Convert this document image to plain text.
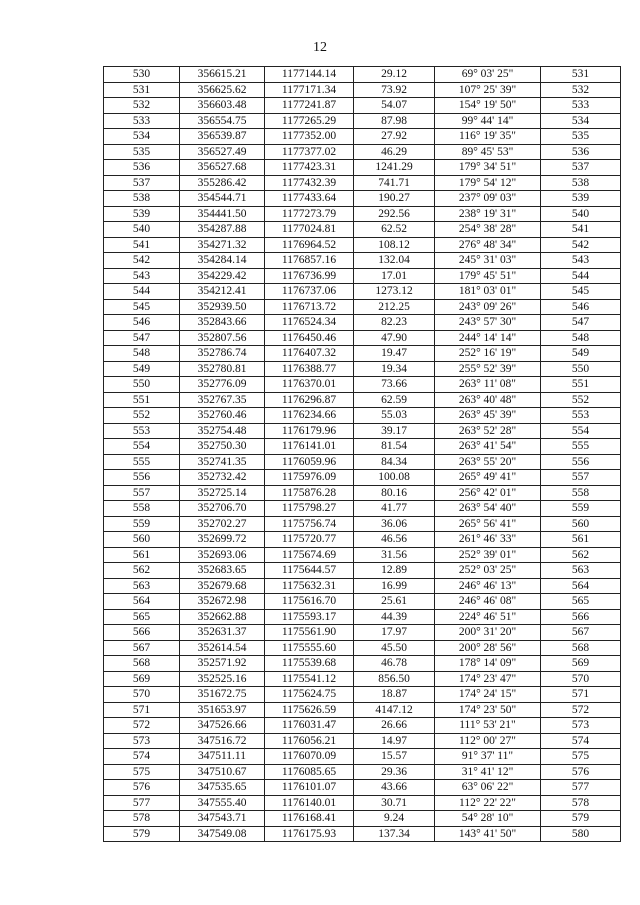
12
530	356615.21	1177144.14	29.12	69° 03' 25"	531
531	356625.62	1177171.34	73.92	107° 25' 39"	532
532	356603.48	1177241.87	54.07	154° 19' 50"	533
533	356554.75	1177265.29	87.98	99° 44' 14"	534
534	356539.87	1177352.00	27.92	116° 19' 35"	535
535	356527.49	1177377.02	46.29	89° 45' 53"	536
536	356527.68	1177423.31	1241.29	179° 34' 51"	537
537	355286.42	1177432.39	741.71	179° 54' 12"	538
538	354544.71	1177433.64	190.27	237° 09' 03"	539
539	354441.50	1177273.79	292.56	238° 19' 31"	540
540	354287.88	1177024.81	62.52	254° 38' 28"	541
541	354271.32	1176964.52	108.12	276° 48' 34"	542
542	354284.14	1176857.16	132.04	245° 31' 03"	543
543	354229.42	1176736.99	17.01	179° 45' 51"	544
544	354212.41	1176737.06	1273.12	181° 03' 01"	545
545	352939.50	1176713.72	212.25	243° 09' 26"	546
546	352843.66	1176524.34	82.23	243° 57' 30"	547
547	352807.56	1176450.46	47.90	244° 14' 14"	548
548	352786.74	1176407.32	19.47	252° 16' 19"	549
549	352780.81	1176388.77	19.34	255° 52' 39"	550
550	352776.09	1176370.01	73.66	263° 11' 08"	551
551	352767.35	1176296.87	62.59	263° 40' 48"	552
552	352760.46	1176234.66	55.03	263° 45' 39"	553
553	352754.48	1176179.96	39.17	263° 52' 28"	554
554	352750.30	1176141.01	81.54	263° 41' 54"	555
555	352741.35	1176059.96	84.34	263° 55' 20"	556
556	352732.42	1175976.09	100.08	265° 49' 41"	557
557	352725.14	1175876.28	80.16	256° 42' 01"	558
558	352706.70	1175798.27	41.77	263° 54' 40"	559
559	352702.27	1175756.74	36.06	265° 56' 41"	560
560	352699.72	1175720.77	46.56	261° 46' 33"	561
561	352693.06	1175674.69	31.56	252° 39' 01"	562
562	352683.65	1175644.57	12.89	252° 03' 25"	563
563	352679.68	1175632.31	16.99	246° 46' 13"	564
564	352672.98	1175616.70	25.61	246° 46' 08"	565
565	352662.88	1175593.17	44.39	224° 46' 51"	566
566	352631.37	1175561.90	17.97	200° 31' 20"	567
567	352614.54	1175555.60	45.50	200° 28' 56"	568
568	352571.92	1175539.68	46.78	178° 14' 09"	569
569	352525.16	1175541.12	856.50	174° 23' 47"	570
570	351672.75	1175624.75	18.87	174° 24' 15"	571
571	351653.97	1175626.59	4147.12	174° 23' 50"	572
572	347526.66	1176031.47	26.66	111° 53' 21"	573
573	347516.72	1176056.21	14.97	112° 00' 27"	574
574	347511.11	1176070.09	15.57	91° 37' 11"	575
575	347510.67	1176085.65	29.36	31° 41' 12"	576
576	347535.65	1176101.07	43.66	63° 06' 22"	577
577	347555.40	1176140.01	30.71	112° 22' 22"	578
578	347543.71	1176168.41	9.24	54° 28' 10"	579
579	347549.08	1176175.93	137.34	143° 41' 50"	580
